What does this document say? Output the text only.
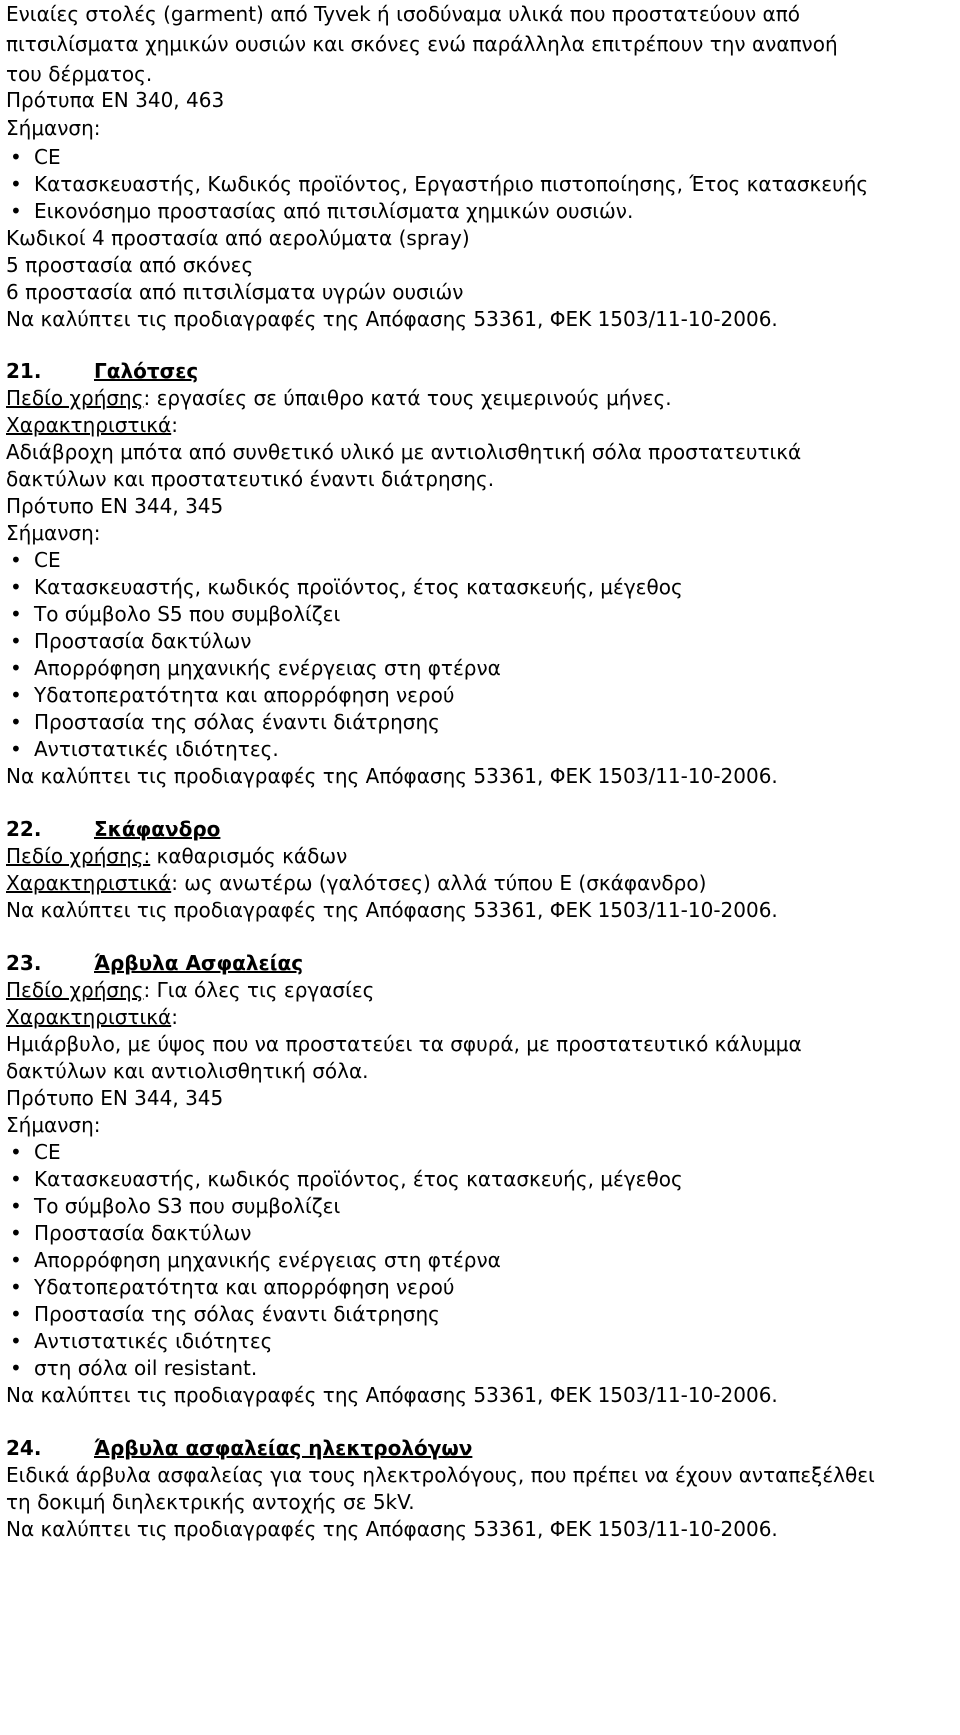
Ενιαίες στολές (garment) από Tyvek ή ισοδύναμα υλικά που προστατεύουν από
πιτσιλίσματα χημικών ουσιών και σκόνες ενώ παράλληλα επιτρέπουν την αναπνοή
του δέρματος.
Πρότυπα EN 340, 463
Σήμανση:
• CE
• Κατασκευαστής, Κωδικός προϊόντος, Εργαστήριο πιστοποίησης, Έτος κατασκευής
• Εικονόσημο προστασίας από πιτσιλίσματα χημικών ουσιών.
Κωδικοί 4 προστασία από αερολύματα (spray)
5 προστασία από σκόνες
6 προστασία από πιτσιλίσματα υγρών ουσιών
Να καλύπτει τις προδιαγραφές της Απόφασης 53361, ΦΕΚ 1503/11-10-2006.
21.	Γαλότσες
Πεδίο χρήσης: εργασίες σε ύπαιθρο κατά τους χειμερινούς μήνες.
Χαρακτηριστικά:
Αδιάβροχη μπότα από συνθετικό υλικό με αντιολισθητική σόλα προστατευτικά
δακτύλων και προστατευτικό έναντι διάτρησης.
Πρότυπο EN 344, 345
Σήμανση:
• CE
• Κατασκευαστής, κωδικός προϊόντος, έτος κατασκευής, μέγεθος
• Το σύμβολο S5 που συμβολίζει
• Προστασία δακτύλων
• Απορρόφηση μηχανικής ενέργειας στη φτέρνα
• Υδατοπερατότητα και απορρόφηση νερού
• Προστασία της σόλας έναντι διάτρησης
• Αντιστατικές ιδιότητες.
Να καλύπτει τις προδιαγραφές της Απόφασης 53361, ΦΕΚ 1503/11-10-2006.
22.	Σκάφανδρο
Πεδίο χρήσης: καθαρισμός κάδων
Χαρακτηριστικά: ως ανωτέρω (γαλότσες) αλλά τύπου E (σκάφανδρο)
Να καλύπτει τις προδιαγραφές της Απόφασης 53361, ΦΕΚ 1503/11-10-2006.
23.	Άρβυλα Ασφαλείας
Πεδίο χρήσης: Για όλες τις εργασίες
Χαρακτηριστικά:
Ημιάρβυλο, με ύψος που να προστατεύει τα σφυρά, με προστατευτικό κάλυμμα
δακτύλων και αντιολισθητική σόλα.
Πρότυπο EN 344, 345
Σήμανση:
• CE
• Κατασκευαστής, κωδικός προϊόντος, έτος κατασκευής, μέγεθος
• Το σύμβολο S3 που συμβολίζει
• Προστασία δακτύλων
• Απορρόφηση μηχανικής ενέργειας στη φτέρνα
• Υδατοπερατότητα και απορρόφηση νερού
• Προστασία της σόλας έναντι διάτρησης
• Αντιστατικές ιδιότητες
• στη σόλα oil resistant.
Να καλύπτει τις προδιαγραφές της Απόφασης 53361, ΦΕΚ 1503/11-10-2006.
24.	Άρβυλα ασφαλείας ηλεκτρολόγων
Ειδικά άρβυλα ασφαλείας για τους ηλεκτρολόγους, που πρέπει να έχουν ανταπεξέλθει
τη δοκιμή διηλεκτρικής αντοχής σε 5kV.
Να καλύπτει τις προδιαγραφές της Απόφασης 53361, ΦΕΚ 1503/11-10-2006.
